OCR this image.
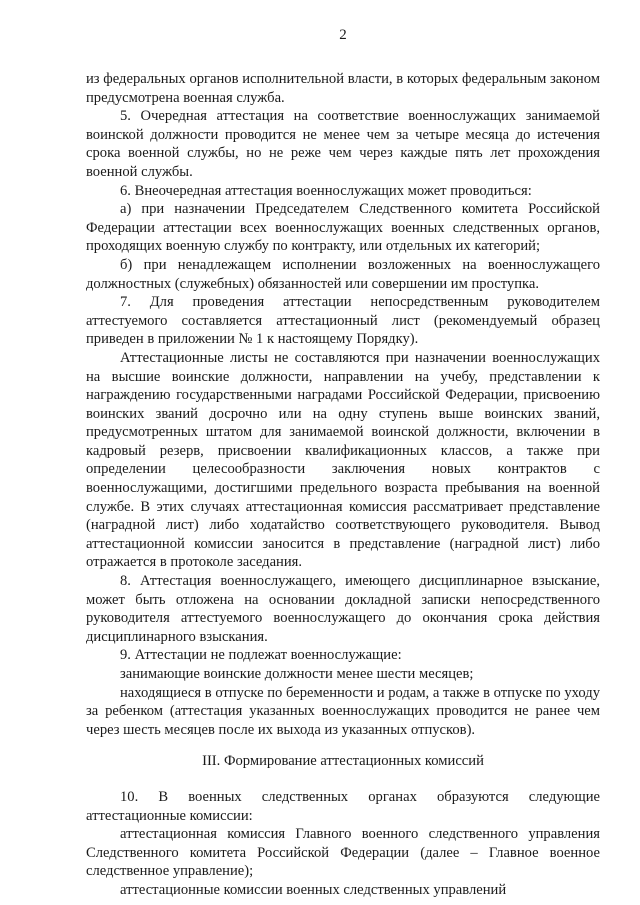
2

из федеральных органов исполнительной власти, в которых федеральным законом предусмотрена военная служба.

5. Очередная аттестация на соответствие военнослужащих занимаемой воинской должности проводится не менее чем за четыре месяца до истечения срока военной службы, но не реже чем через каждые пять лет прохождения военной службы.

6. Внеочередная аттестация военнослужащих может проводиться:

а) при назначении Председателем Следственного комитета Российской Федерации аттестации всех военнослужащих военных следственных органов, проходящих военную службу по контракту, или отдельных их категорий;

б) при ненадлежащем исполнении возложенных на военнослужащего должностных (служебных) обязанностей или совершении им проступка.

7. Для проведения аттестации непосредственным руководителем аттестуемого составляется аттестационный лист (рекомендуемый образец приведен в приложении № 1 к настоящему Порядку).

Аттестационные листы не составляются при назначении военнослужащих на высшие воинские должности, направлении на учебу, представлении к награждению государственными наградами Российской Федерации, присвоению воинских званий досрочно или на одну ступень выше воинских званий, предусмотренных штатом для занимаемой воинской должности, включении в кадровый резерв, присвоении квалификационных классов, а также при определении целесообразности заключения новых контрактов с военнослужащими, достигшими предельного возраста пребывания на военной службе. В этих случаях аттестационная комиссия рассматривает представление (наградной лист) либо ходатайство соответствующего руководителя. Вывод аттестационной комиссии заносится в представление (наградной лист) либо отражается в протоколе заседания.

8. Аттестация военнослужащего, имеющего дисциплинарное взыскание, может быть отложена на основании докладной записки непосредственного руководителя аттестуемого военнослужащего до окончания срока действия дисциплинарного взыскания.

9. Аттестации не подлежат военнослужащие:

занимающие воинские должности менее шести месяцев;

находящиеся в отпуске по беременности и родам, а также в отпуске по уходу за ребенком (аттестация указанных военнослужащих проводится не ранее чем через шесть месяцев после их выхода из указанных отпусков).

III. Формирование аттестационных комиссий

10. В военных следственных органах образуются следующие аттестационные комиссии:

аттестационная комиссия Главного военного следственного управления Следственного комитета Российской Федерации (далее – Главное военное следственное управление);

аттестационные комиссии военных следственных управлений
